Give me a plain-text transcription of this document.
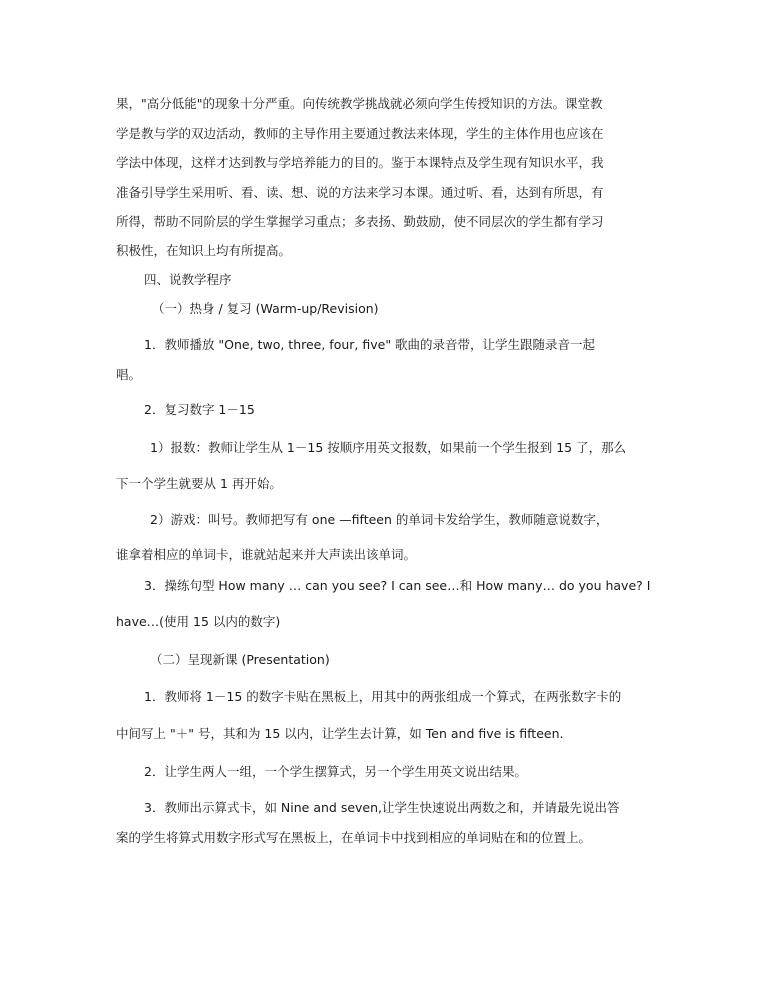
果，"高分低能"的现象十分严重。向传统教学挑战就必须向学生传授知识的方法。课堂教
学是教与学的双边活动，教师的主导作用主要通过教法来体现，学生的主体作用也应该在
学法中体现，这样才达到教与学培养能力的目的。鉴于本课特点及学生现有知识水平，我
准备引导学生采用听、看、读、想、说的方法来学习本课。通过听、看，达到有所思，有
所得，帮助不同阶层的学生掌握学习重点；多表扬、勤鼓励，使不同层次的学生都有学习
积极性，在知识上均有所提高。
四、说教学程序
（一）热身 / 复习 (Warm-up/Revision)
1．教师播放 "One, two, three, four, five" 歌曲的录音带，让学生跟随录音一起
唱。
2．复习数字 1－15
1）报数：教师让学生从 1－15 按顺序用英文报数，如果前一个学生报到 15 了，那么
下一个学生就要从 1 再开始。
2）游戏：叫号。教师把写有 one —fifteen 的单词卡发给学生，教师随意说数字，
谁拿着相应的单词卡，谁就站起来并大声读出该单词。
3．操练句型 How many … can you see? I can see…和 How many… do you have? I
have…(使用 15 以内的数字)
（二）呈现新课 (Presentation)
1．教师将 1－15 的数字卡贴在黑板上，用其中的两张组成一个算式，在两张数字卡的
中间写上 "＋" 号，其和为 15 以内，让学生去计算，如 Ten and five is fifteen.
2．让学生两人一组，一个学生摆算式，另一个学生用英文说出结果。
3．教师出示算式卡，如 Nine and seven,让学生快速说出两数之和，并请最先说出答
案的学生将算式用数字形式写在黑板上，在单词卡中找到相应的单词贴在和的位置上。
